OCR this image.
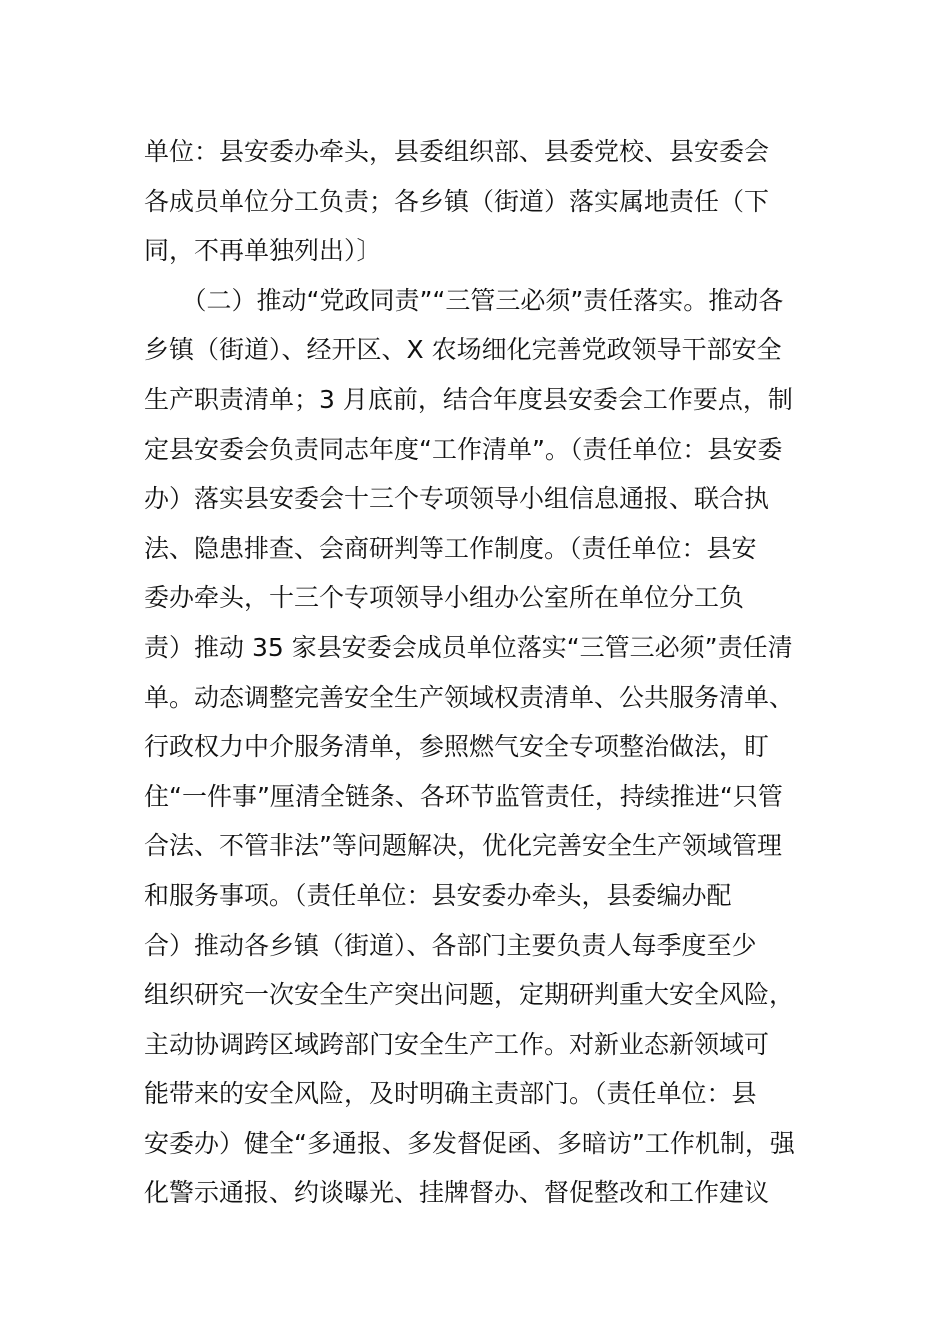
单位：县安委办牵头，县委组织部、县委党校、县安委会
各成员单位分工负责；各乡镇（街道）落实属地责任（下
同，不再单独列出）〕
　　（二）推动“党政同责”“三管三必须”责任落实。推动各
乡镇（街道）、经开区、X 农场细化完善党政领导干部安全
生产职责清单；3 月底前，结合年度县安委会工作要点，制
定县安委会负责同志年度“工作清单”。（责任单位：县安委
办）落实县安委会十三个专项领导小组信息通报、联合执
法、隐患排查、会商研判等工作制度。（责任单位：县安
委办牵头，十三个专项领导小组办公室所在单位分工负
责）推动 35 家县安委会成员单位落实“三管三必须”责任清
单。动态调整完善安全生产领域权责清单、公共服务清单、
行政权力中介服务清单，参照燃气安全专项整治做法，盯
住“一件事”厘清全链条、各环节监管责任，持续推进“只管
合法、不管非法”等问题解决，优化完善安全生产领域管理
和服务事项。（责任单位：县安委办牵头，县委编办配
合）推动各乡镇（街道）、各部门主要负责人每季度至少
组织研究一次安全生产突出问题，定期研判重大安全风险，
主动协调跨区域跨部门安全生产工作。对新业态新领域可
能带来的安全风险，及时明确主责部门。（责任单位：县
安委办）健全“多通报、多发督促函、多暗访”工作机制，强
化警示通报、约谈曝光、挂牌督办、督促整改和工作建议
